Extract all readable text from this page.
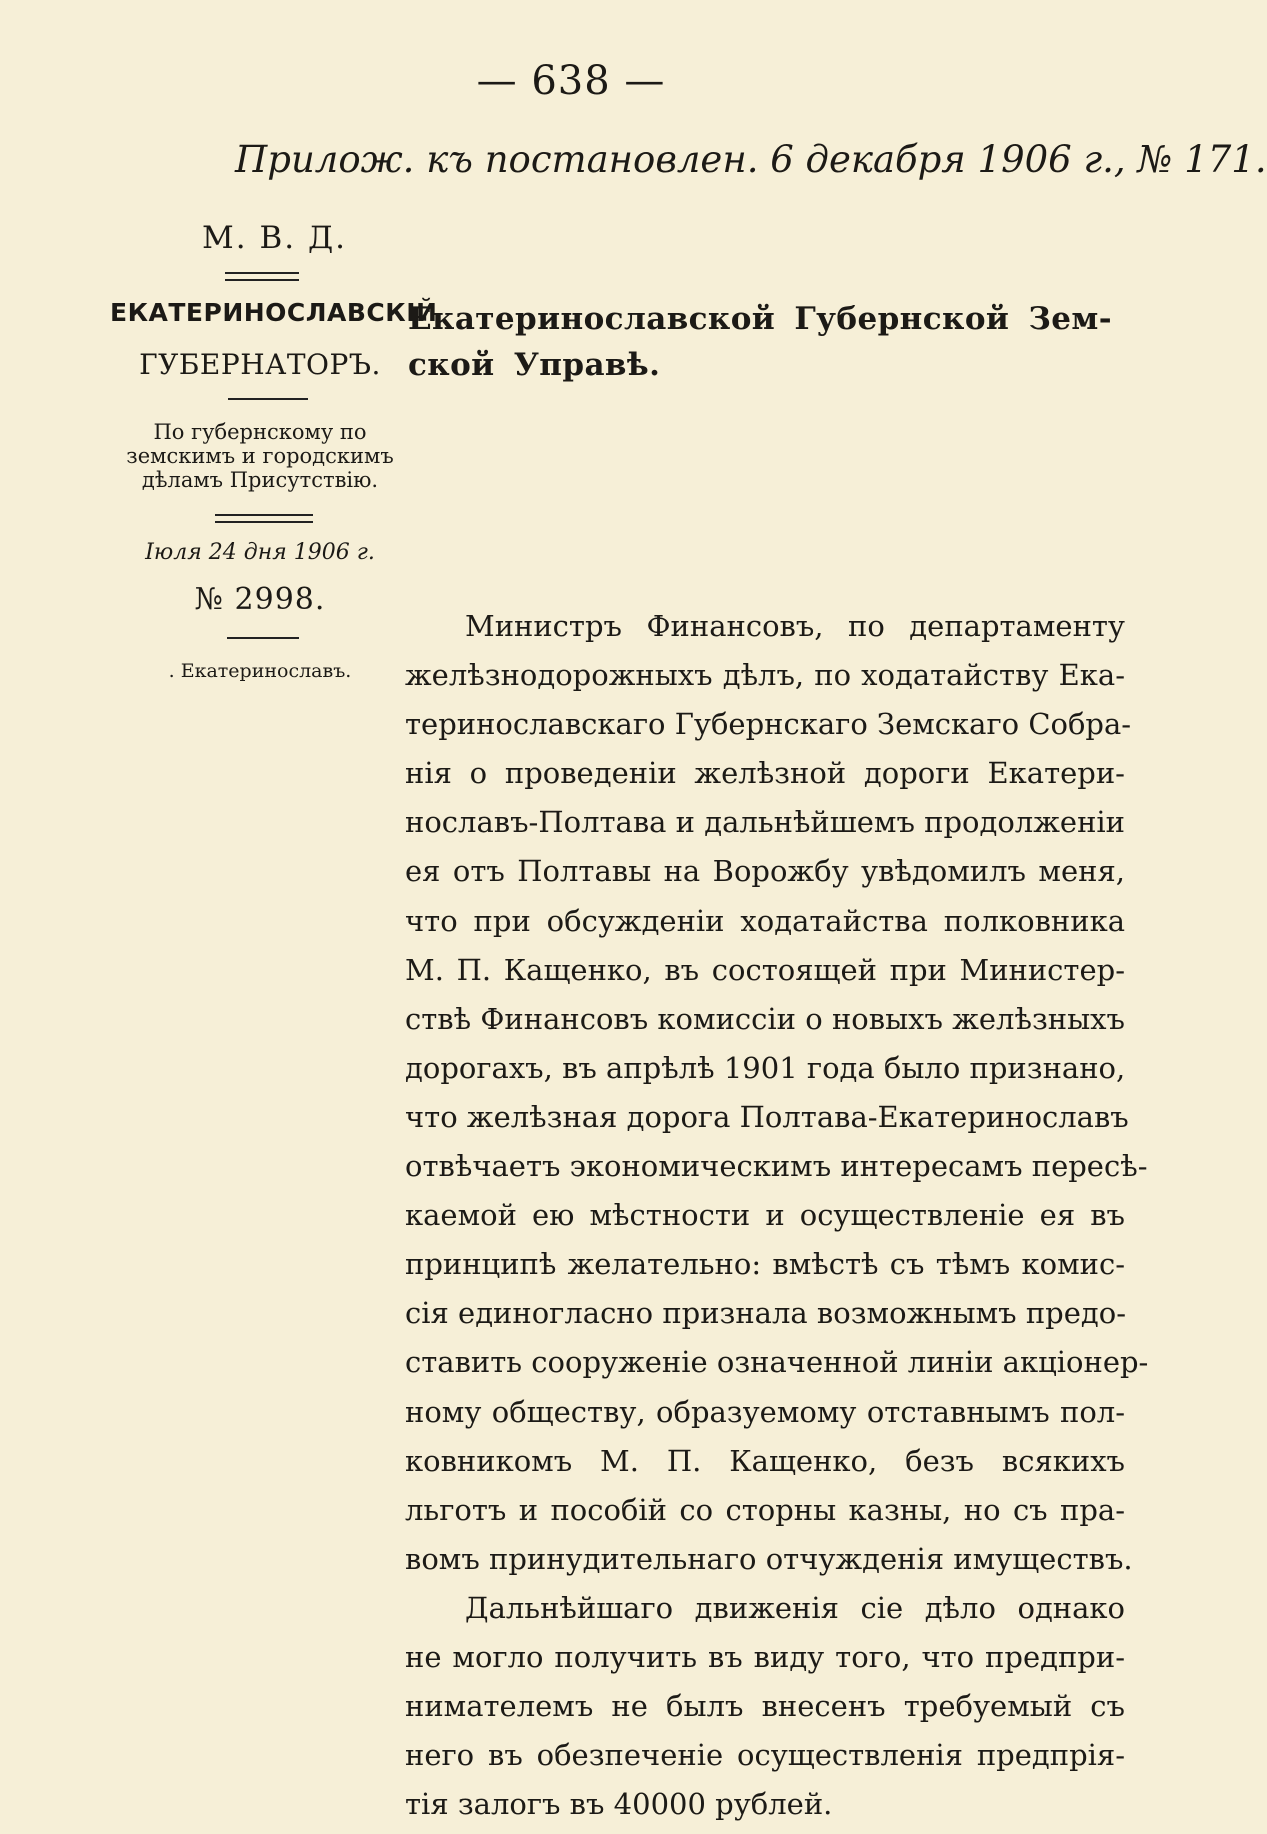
— 638 —
Прилож. къ постановлен. 6 декабря 1906 г., № 171.
М. В. Д.
ЕКАТЕРИНОСЛАВСКІЙ
ГУБЕРНАТОРЪ.
По губернскому по
земскимъ и городскимъ
дѣламъ Присутствію.
Іюля 24 дня 1906 г.
№ 2998.
. Екатеринославъ.
Екатеринославской Губернской Зем-
ской Управѣ.
Министръ Финансовъ, по департаменту
желѣзнодорожныхъ дѣлъ, по ходатайству Ека-
теринославскаго Губернскаго Земскаго Собра-
нія о проведеніи желѣзной дороги Екатери-
нославъ-Полтава и дальнѣйшемъ продолженіи
ея отъ Полтавы на Ворожбу увѣдомилъ меня,
что при обсужденіи ходатайства полковника
М. П. Кащенко, въ состоящей при Министер-
ствѣ Финансовъ комиссіи о новыхъ желѣзныхъ
дорогахъ, въ апрѣлѣ 1901 года было признано,
что желѣзная дорога Полтава-Екатеринославъ
отвѣчаетъ экономическимъ интересамъ пересѣ-
каемой ею мѣстности и осуществленіе ея въ
принципѣ желательно: вмѣстѣ съ тѣмъ комис-
сія единогласно признала возможнымъ предо-
ставить сооруженіе означенной линіи акціонер-
ному обществу, образуемому отставнымъ пол-
ковникомъ М. П. Кащенко, безъ всякихъ
льготъ и пособій со сторны казны, но съ пра-
вомъ принудительнаго отчужденія имуществъ.
Дальнѣйшаго движенія сіе дѣло однако
не могло получить въ виду того, что предпри-
нимателемъ не былъ внесенъ требуемый съ
него въ обезпеченіе осуществленія предпрія-
тія залогъ въ 40000 рублей.
